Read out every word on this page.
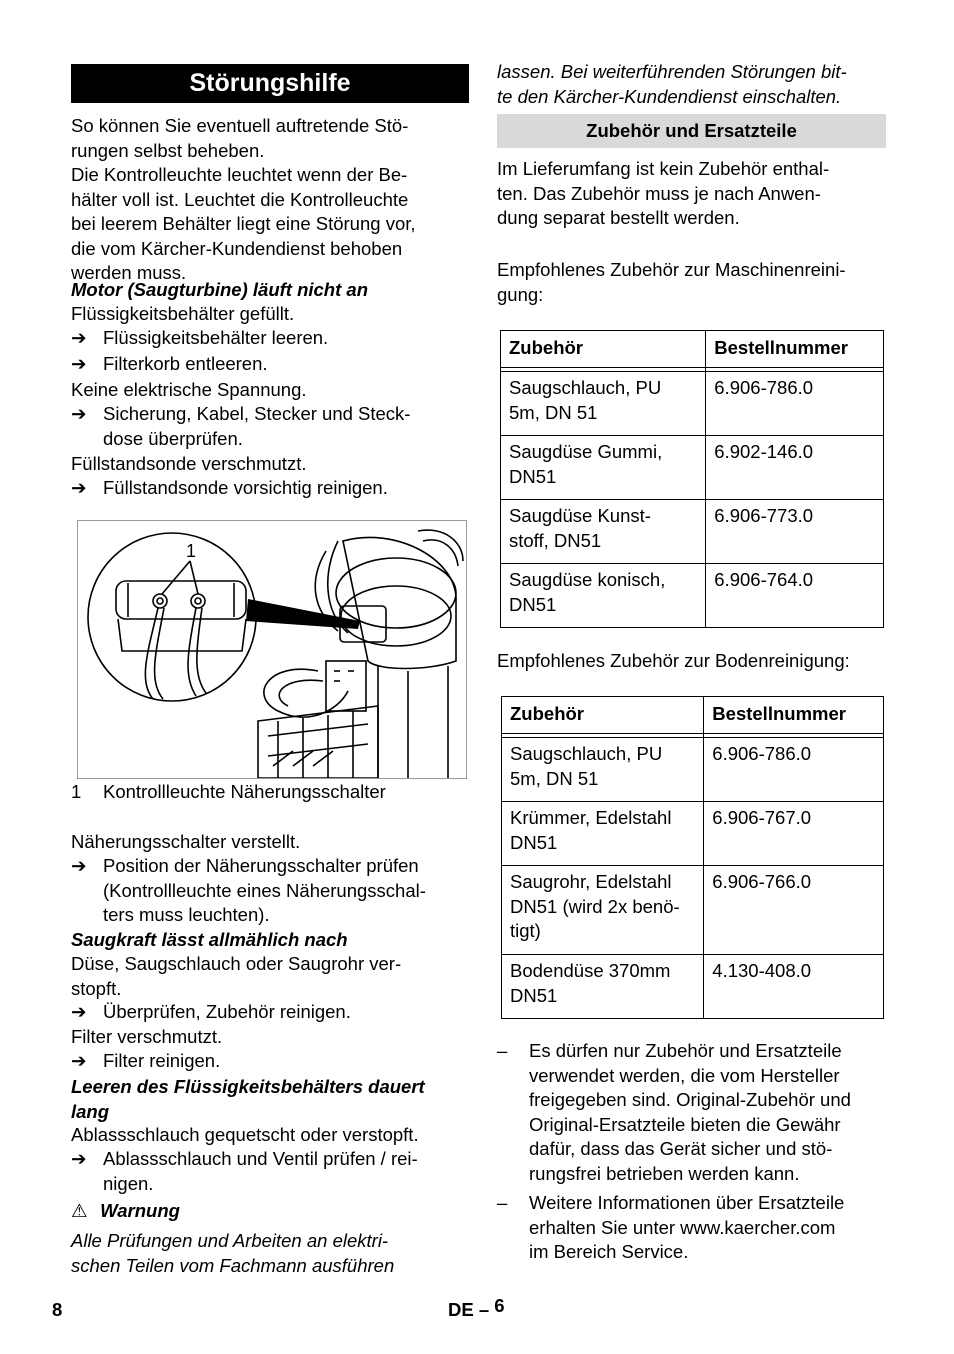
Störungshilfe
So können Sie eventuell auftretende Stö-
rungen selbst beheben.
Die Kontrolleuchte leuchtet wenn der Be-
hälter voll ist. Leuchtet die Kontrolleuchte
bei leerem Behälter liegt eine Störung vor,
die vom Kärcher-Kundendienst behoben
werden muss.
Motor (Saugturbine) läuft nicht an
Flüssigkeitsbehälter gefüllt.
➔ Flüssigkeitsbehälter leeren.
➔ Filterkorb entleeren.
Keine elektrische Spannung.
➔ Sicherung, Kabel, Stecker und Steck-
dose überprüfen.
Füllstandsonde verschmutzt.
➔ Füllstandsonde vorsichtig reinigen.
1
1 Kontrollleuchte Näherungsschalter
Näherungsschalter verstellt.
➔ Position der Näherungsschalter prüfen
(Kontrollleuchte eines Näherungsschal-
ters muss leuchten).
Saugkraft lässt allmählich nach
Düse, Saugschlauch oder Saugrohr ver-
stopft.
➔ Überprüfen, Zubehör reinigen.
Filter verschmutzt.
➔ Filter reinigen.
Leeren des Flüssigkeitsbehälters dauert
lang
Ablassschlauch gequetscht oder verstopft.
➔ Ablassschlauch und Ventil prüfen / rei-
nigen.
⚠ Warnung
Alle Prüfungen und Arbeiten an elektri-
schen Teilen vom Fachmann ausführen
lassen. Bei weiterführenden Störungen bit-
te den Kärcher-Kundendienst einschalten.
Zubehör und Ersatzteile
Im Lieferumfang ist kein Zubehör enthal-
ten. Das Zubehör muss je nach Anwen-
dung separat bestellt werden.
Empfohlenes Zubehör zur Maschinenreini-
gung:
Zubehör	Bestellnummer

Saugschlauch, PU
5m, DN 51	6.906-786.0
Saugdüse Gummi,
DN51	6.902-146.0
Saugdüse Kunst-
stoff, DN51	6.906-773.0
Saugdüse konisch,
DN51	6.906-764.0
Empfohlenes Zubehör zur Bodenreinigung:
Zubehör	Bestellnummer

Saugschlauch, PU
5m, DN 51	6.906-786.0
Krümmer, Edelstahl
DN51	6.906-767.0
Saugrohr, Edelstahl
DN51 (wird 2x benö-
tigt)	6.906-766.0
Bodendüse 370mm
DN51	4.130-408.0
– Es dürfen nur Zubehör und Ersatzteile
verwendet werden, die vom Hersteller
freigegeben sind. Original-Zubehör und
Original-Ersatzteile bieten die Gewähr
dafür, dass das Gerät sicher und stö-
rungsfrei betrieben werden kann.
– Weitere Informationen über Ersatzteile
erhalten Sie unter www.kaercher.com
im Bereich Service.
8	DE – 6
